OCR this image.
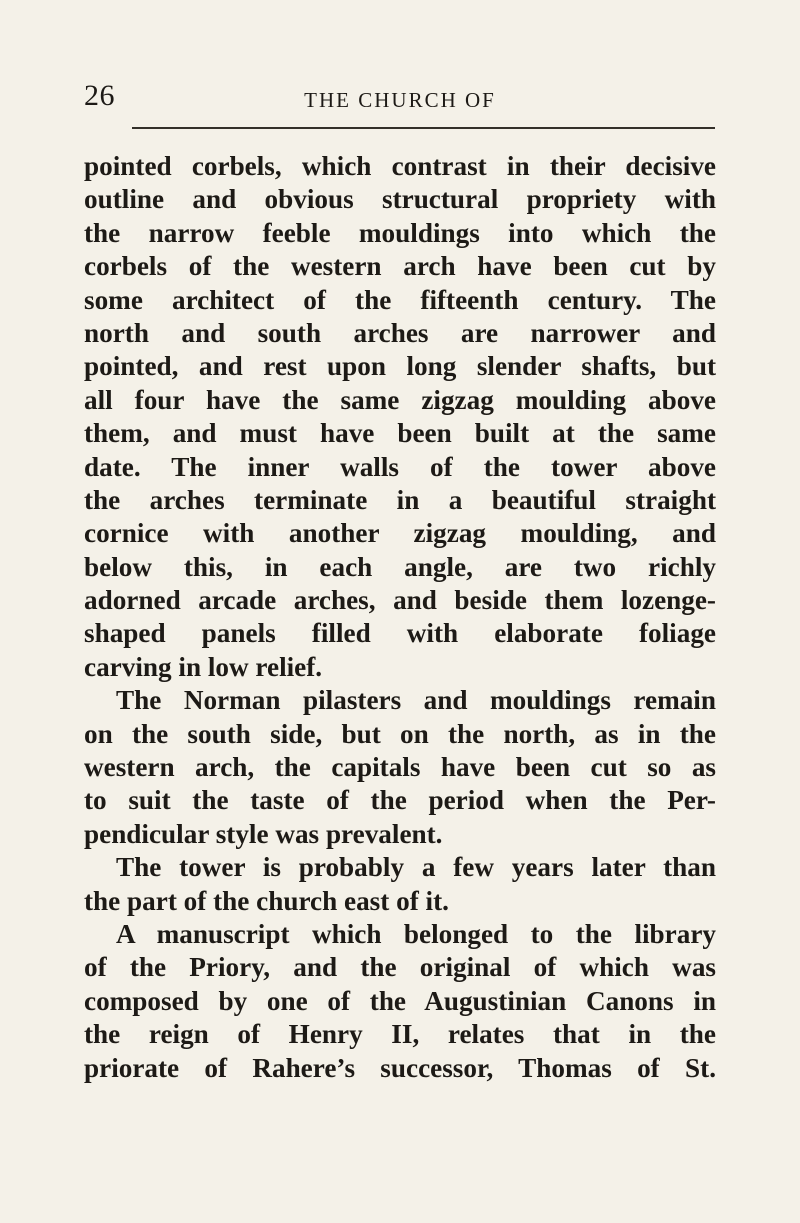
26	THE CHURCH OF
pointed corbels, which contrast in their decisive
outline and obvious structural propriety with
the narrow feeble mouldings into which the
corbels of the western arch have been cut by
some architect of the fifteenth century. The
north and south arches are narrower and
pointed, and rest upon long slender shafts, but
all four have the same zigzag moulding above
them, and must have been built at the same
date. The inner walls of the tower above
the arches terminate in a beautiful straight
cornice with another zigzag moulding, and
below this, in each angle, are two richly
adorned arcade arches, and beside them lozenge-
shaped panels filled with elaborate foliage
carving in low relief.
The Norman pilasters and mouldings remain
on the south side, but on the north, as in the
western arch, the capitals have been cut so as
to suit the taste of the period when the Per-
pendicular style was prevalent.
The tower is probably a few years later than
the part of the church east of it.
A manuscript which belonged to the library
of the Priory, and the original of which was
composed by one of the Augustinian Canons in
the reign of Henry II, relates that in the
priorate of Rahere’s successor, Thomas of St.
